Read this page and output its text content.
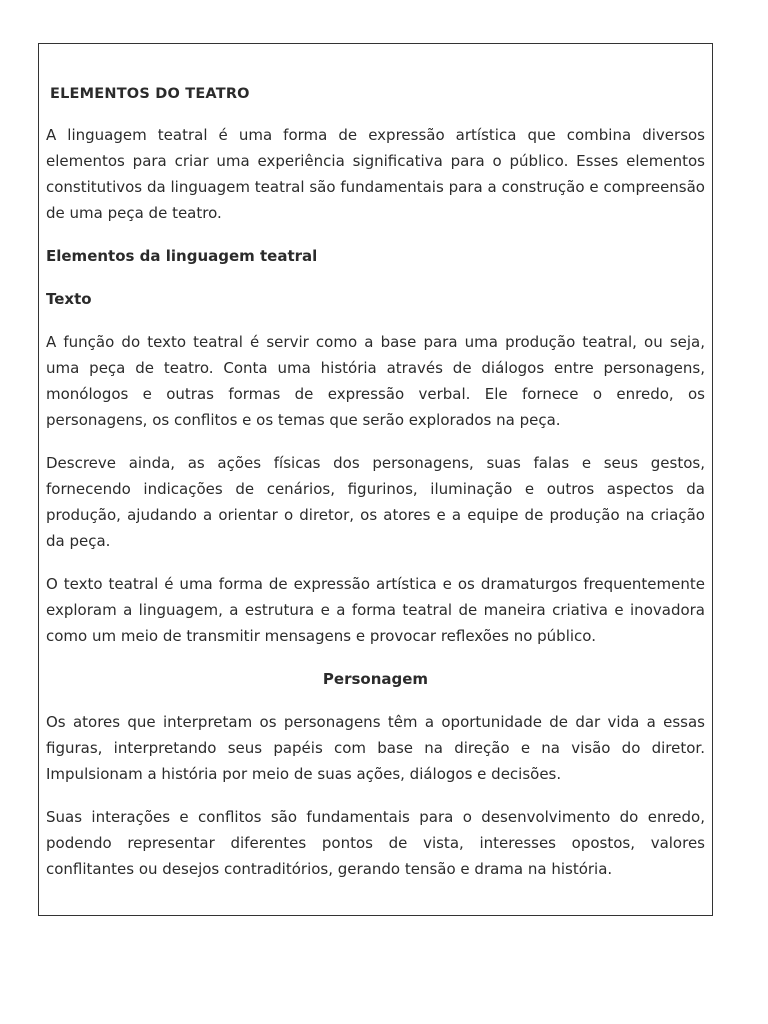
ELEMENTOS DO TEATRO

A linguagem teatral é uma forma de expressão artística que combina diversos elementos para criar uma experiência significativa para o público. Esses elementos constitutivos da linguagem teatral são fundamentais para a construção e compreensão de uma peça de teatro.

Elementos da linguagem teatral
Texto

A função do texto teatral é servir como a base para uma produção teatral, ou seja, uma peça de teatro. Conta uma história através de diálogos entre personagens, monólogos e outras formas de expressão verbal. Ele fornece o enredo, os personagens, os conflitos e os temas que serão explorados na peça.

Descreve ainda, as ações físicas dos personagens, suas falas e seus gestos, fornecendo indicações de cenários, figurinos, iluminação e outros aspectos da produção, ajudando a orientar o diretor, os atores e a equipe de produção na criação da peça.

O texto teatral é uma forma de expressão artística e os dramaturgos frequentemente exploram a linguagem, a estrutura e a forma teatral de maneira criativa e inovadora como um meio de transmitir mensagens e provocar reflexões no público.

Personagem

Os atores que interpretam os personagens têm a oportunidade de dar vida a essas figuras, interpretando seus papéis com base na direção e na visão do diretor. Impulsionam a história por meio de suas ações, diálogos e decisões.

Suas interações e conflitos são fundamentais para o desenvolvimento do enredo, podendo representar diferentes pontos de vista, interesses opostos, valores conflitantes ou desejos contraditórios, gerando tensão e drama na história.
